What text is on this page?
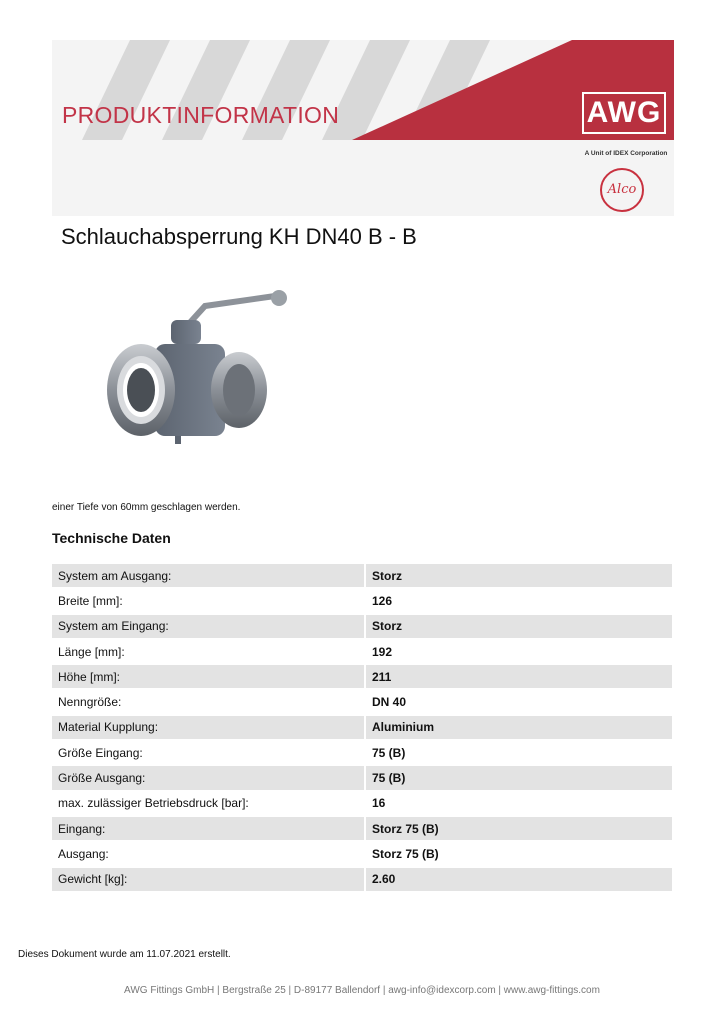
PRODUKTINFORMATION	AWG
A Unit of IDEX Corporation
Alco
Schlauchabsperrung KH DN40 B - B
einer Tiefe von 60mm geschlagen werden.
Technische Daten
System am Ausgang:		Storz
Breite [mm]:		126
System am Eingang:		Storz
Länge [mm]:		192
Höhe [mm]:		211
Nenngröße:		DN 40
Material Kupplung:		Aluminium
Größe Eingang:		75 (B)
Größe Ausgang:		75 (B)
max. zulässiger Betriebsdruck [bar]:		16
Eingang:		Storz 75 (B)
Ausgang:		Storz 75 (B)
Gewicht [kg]:		2.60
Dieses Dokument wurde am 11.07.2021 erstellt.
AWG Fittings GmbH | Bergstraße 25 | D-89177 Ballendorf | awg-info@idexcorp.com | www.awg-fittings.com
